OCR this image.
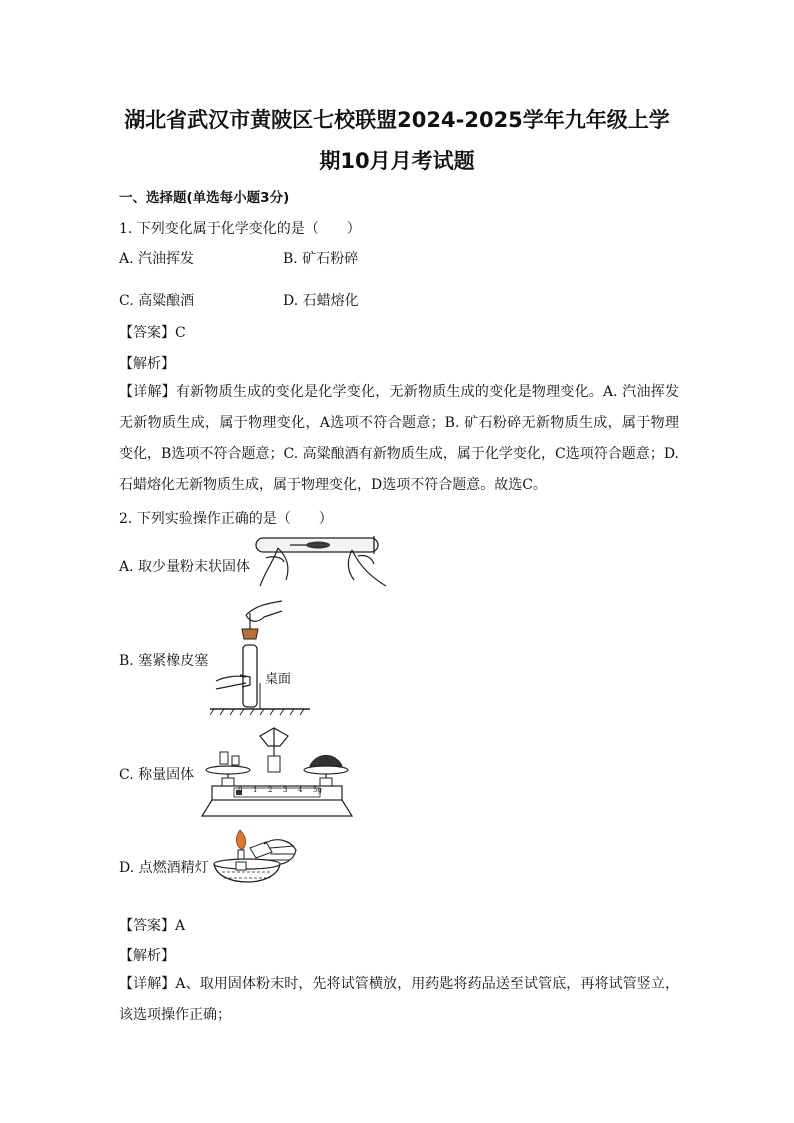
湖北省武汉市黄陂区七校联盟2024-2025学年九年级上学
期10月月考试题
一、选择题(单选每小题3分)
1. 下列变化属于化学变化的是（　　）
A. 汽油挥发	B. 矿石粉碎
C. 高粱酿酒	D. 石蜡熔化
【答案】C
【解析】
【详解】有新物质生成的变化是化学变化，无新物质生成的变化是物理变化。A. 汽油挥发无新物质生成，属于物理变化，A选项不符合题意；B. 矿石粉碎无新物质生成，属于物理变化，B选项不符合题意；C. 高粱酿酒有新物质生成，属于化学变化，C选项符合题意；D. 石蜡熔化无新物质生成，属于物理变化，D选项不符合题意。故选C。
2. 下列实验操作正确的是（　　）
A. 取少量粉末状固体
B. 塞紧橡皮塞
桌面
C. 称量固体
0 1 2 3 4 5g
D. 点燃酒精灯
【答案】A
【解析】
【详解】A、取用固体粉末时，先将试管横放，用药匙将药品送至试管底，再将试管竖立，该选项操作正确；
